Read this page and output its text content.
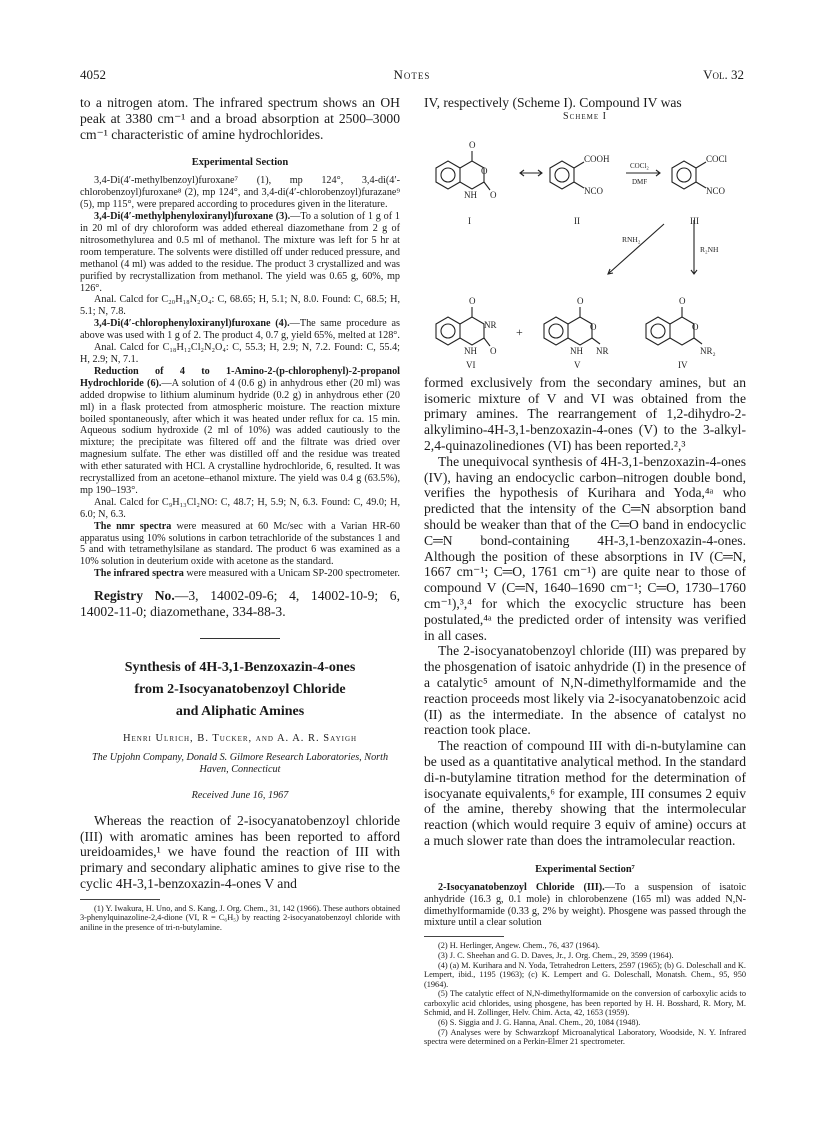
4052	Notes	Vol. 32

to a nitrogen atom. The infrared spectrum shows an OH peak at 3380 cm⁻¹ and a broad absorption at 2500–3000 cm⁻¹ characteristic of amine hydrochlorides.

Experimental Section

3,4-Di(4′-methylbenzoyl)furoxane⁷ (1), mp 124°, 3,4-di(4′-chlorobenzoyl)furoxane⁸ (2), mp 124°, and 3,4-di(4′-chlorobenzoyl)furazane⁹ (5), mp 115°, were prepared according to procedures given in the literature.

3,4-Di(4′-methylphenyloxiranyl)furoxane (3).—To a solution of 1 g of 1 in 20 ml of dry chloroform was added ethereal diazomethane from 2 g of nitrosomethylurea and 0.5 ml of methanol. The mixture was left for 5 hr at room temperature. The solvents were distilled off under reduced pressure, and methanol (4 ml) was added to the residue. The product 3 crystallized and was purified by recrystallization from methanol. The yield was 0.65 g, 60%, mp 126°.

Anal. Calcd for C₂₀H₁₈N₂O₄: C, 68.65; H, 5.1; N, 8.0. Found: C, 68.5; H, 5.1; N, 7.8.

3,4-Di(4′-chlorophenyloxiranyl)furoxane (4).—The same procedure as above was used with 1 g of 2. The product 4, 0.7 g, yield 65%, melted at 128°.

Anal. Calcd for C₁₈H₁₂Cl₂N₂O₄: C, 55.3; H, 2.9; N, 7.2. Found: C, 55.4; H, 2.9; N, 7.1.

Reduction of 4 to 1-Amino-2-(p-chlorophenyl)-2-propanol Hydrochloride (6).—A solution of 4 (0.6 g) in anhydrous ether (20 ml) was added dropwise to lithium aluminum hydride (0.2 g) in anhydrous ether (20 ml) in a flask protected from atmospheric moisture. The reaction mixture boiled spontaneously, after which it was heated under reflux for ca. 15 min. Aqueous sodium hydroxide (2 ml of 10%) was added cautiously to the mixture; the precipitate was filtered off and the filtrate was dried over magnesium sulfate. The ether was distilled off and the residue was treated with ether saturated with HCl. A crystalline hydrochloride, 6, resulted. It was recrystallized from an acetone–ethanol mixture. The yield was 0.4 g (63.5%), mp 190–193°.

Anal. Calcd for C₉H₁₃Cl₂NO: C, 48.7; H, 5.9; N, 6.3. Found: C, 49.0; H, 6.0; N, 6.3.

The nmr spectra were measured at 60 Mc/sec with a Varian HR-60 apparatus using 10% solutions in carbon tetrachloride of the substances 1 and 5 and with tetramethylsilane as standard. The product 6 was examined as a 10% solution in deuterium oxide with acetone as the standard.

The infrared spectra were measured with a Unicam SP-200 spectrometer.

Registry No.—3, 14002-09-6; 4, 14002-10-9; 6, 14002-11-0; diazomethane, 334-88-3.

Synthesis of 4H-3,1-Benzoxazin-4-ones
from 2-Isocyanatobenzoyl Chloride
and Aliphatic Amines
Henri Ulrich, B. Tucker, and A. A. R. Sayigh
The Upjohn Company, Donald S. Gilmore Research Laboratories, North Haven, Connecticut
Received June 16, 1967

Whereas the reaction of 2-isocyanatobenzoyl chloride (III) with aromatic amines has been reported to afford ureidoamides,¹ we have found the reaction of III with primary and secondary aliphatic amines to give rise to the cyclic 4H-3,1-benzoxazin-4-ones V and

(1) Y. Iwakura, H. Uno, and S. Kang, J. Org. Chem., 31, 142 (1966). These authors obtained 3-phenylquinazoline-2,4-dione (VI, R = C₆H₅) by reacting 2-isocyanatobenzoyl chloride with aniline in the presence of tri-n-butylamine.

IV, respectively (Scheme I). Compound IV was

Scheme I
O
O
NH O
I
COOH
NCO
II
COCl₂
DMF
COCl
NCO
III
RNH₂
R₂NH
O
NR
NH O
VI
+
O
O
NH NR
V
O
O
NR₂
IV

formed exclusively from the secondary amines, but an isomeric mixture of V and VI was obtained from the primary amines. The rearrangement of 1,2-dihydro-2-alkylimino-4H-3,1-benzoxazin-4-ones (V) to the 3-alkyl-2,4-quinazolinediones (VI) has been reported.²,³

The unequivocal synthesis of 4H-3,1-benzoxazin-4-ones (IV), having an endocyclic carbon–nitrogen double bond, verifies the hypothesis of Kurihara and Yoda,⁴ᵃ who predicted that the intensity of the C═N absorption band should be weaker than that of the C═O band in endocyclic C═N bond-containing 4H-3,1-benzoxazin-4-ones. Although the position of these absorptions in IV (C═N, 1667 cm⁻¹; C═O, 1761 cm⁻¹) are quite near to those of compound V (C═N, 1640–1690 cm⁻¹; C═O, 1730–1760 cm⁻¹),³,⁴ for which the exocyclic structure has been postulated,⁴ᵃ the predicted order of intensity was verified in all cases.

The 2-isocyanatobenzoyl chloride (III) was prepared by the phosgenation of isatoic anhydride (I) in the presence of a catalytic⁵ amount of N,N-dimethylformamide and the reaction proceeds most likely via 2-isocyanatobenzoic acid (II) as the intermediate. In the absence of catalyst no reaction took place.

The reaction of compound III with di-n-butylamine can be used as a quantitative analytical method. In the standard di-n-butylamine titration method for the determination of isocyanate equivalents,⁶ for example, III consumes 2 equiv of the amine, thereby showing that the intermolecular reaction (which would require 3 equiv of amine) occurs at a much slower rate than does the intramolecular reaction.

Experimental Section⁷

2-Isocyanatobenzoyl Chloride (III).—To a suspension of isatoic anhydride (16.3 g, 0.1 mole) in chlorobenzene (165 ml) was added N,N-dimethylformamide (0.33 g, 2% by weight). Phosgene was passed through the mixture until a clear solution

(2) H. Herlinger, Angew. Chem., 76, 437 (1964).

(3) J. C. Sheehan and G. D. Daves, Jr., J. Org. Chem., 29, 3599 (1964).

(4) (a) M. Kurihara and N. Yoda, Tetrahedron Letters, 2597 (1965); (b) G. Doleschall and K. Lempert, ibid., 1195 (1963); (c) K. Lempert and G. Doleschall, Monatsh. Chem., 95, 950 (1964).

(5) The catalytic effect of N,N-dimethylformamide on the conversion of carboxylic acids to carboxylic acid chlorides, using phosgene, has been reported by H. H. Bosshard, R. Mory, M. Schmid, and H. Zollinger, Helv. Chim. Acta, 42, 1653 (1959).

(6) S. Siggia and J. G. Hanna, Anal. Chem., 20, 1084 (1948).

(7) Analyses were by Schwarzkopf Microanalytical Laboratory, Woodside, N. Y. Infrared spectra were determined on a Perkin-Elmer 21 spectrometer.
